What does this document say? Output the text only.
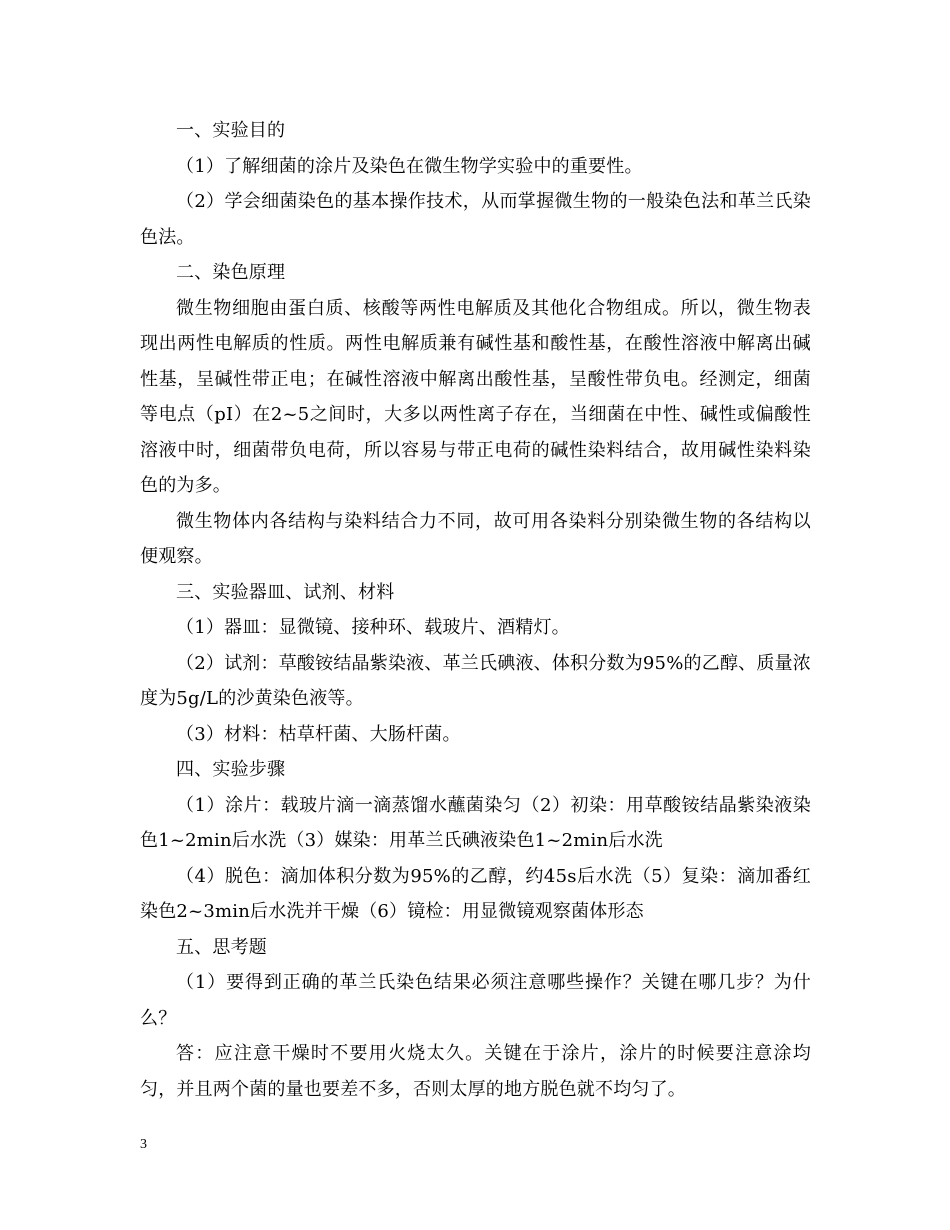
一、实验目的

（1）了解细菌的涂片及染色在微生物学实验中的重要性。

（2）学会细菌染色的基本操作技术，从而掌握微生物的一般染色法和革兰氏染色法。

二、染色原理

微生物细胞由蛋白质、核酸等两性电解质及其他化合物组成。所以，微生物表现出两性电解质的性质。两性电解质兼有碱性基和酸性基，在酸性溶液中解离出碱性基，呈碱性带正电；在碱性溶液中解离出酸性基，呈酸性带负电。经测定，细菌等电点（pI）在2~5之间时，大多以两性离子存在，当细菌在中性、碱性或偏酸性溶液中时，细菌带负电荷，所以容易与带正电荷的碱性染料结合，故用碱性染料染色的为多。

微生物体内各结构与染料结合力不同，故可用各染料分别染微生物的各结构以便观察。

三、实验器皿、试剂、材料

（1）器皿：显微镜、接种环、载玻片、酒精灯。

（2）试剂：草酸铵结晶紫染液、革兰氏碘液、体积分数为95%的乙醇、质量浓度为5g/L的沙黄染色液等。

（3）材料：枯草杆菌、大肠杆菌。

四、实验步骤

（1）涂片：载玻片滴一滴蒸馏水蘸菌染匀（2）初染：用草酸铵结晶紫染液染色1~2min后水洗（3）媒染：用革兰氏碘液染色1~2min后水洗

（4）脱色：滴加体积分数为95%的乙醇，约45s后水洗（5）复染：滴加番红染色2~3min后水洗并干燥（6）镜检：用显微镜观察菌体形态

五、思考题

（1）要得到正确的革兰氏染色结果必须注意哪些操作？关键在哪几步？为什么？

答：应注意干燥时不要用火烧太久。关键在于涂片，涂片的时候要注意涂均匀，并且两个菌的量也要差不多，否则太厚的地方脱色就不均匀了。

3
